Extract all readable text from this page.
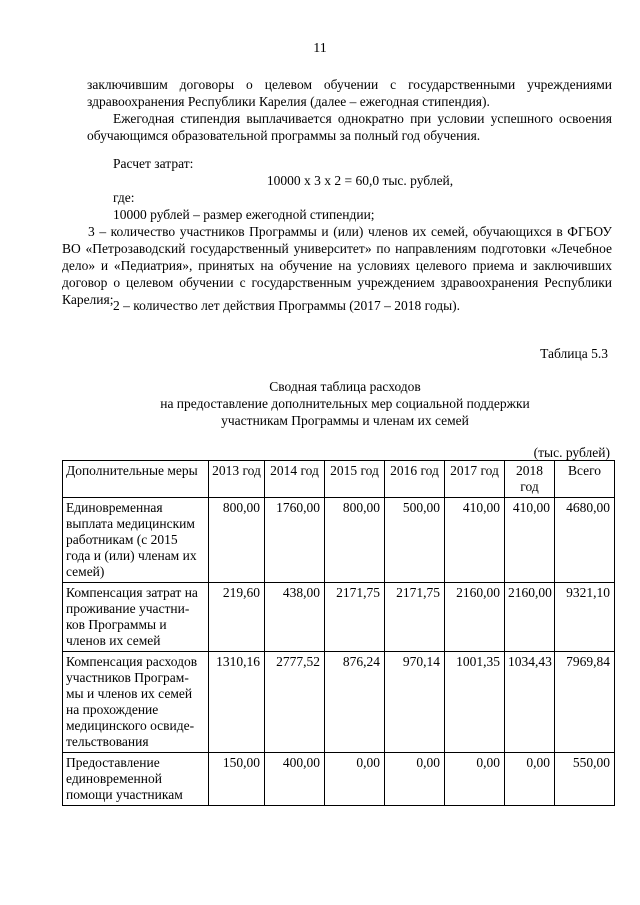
11
заключившим договоры о целевом обучении с государственными учреждениями здравоохранения Республики Карелия (далее – ежегодная стипендия).
Ежегодная стипендия выплачивается однократно при условии успешного освоения обучающимся образовательной программы за полный год обучения.
Расчет затрат:
10000 х 3 х 2 = 60,0 тыс. рублей,
где:
10000 рублей – размер ежегодной стипендии;
3 – количество участников Программы и (или) членов их семей, обучающихся в ФГБОУ ВО «Петрозаводский государственный университет» по направлениям подготовки «Лечебное дело» и «Педиатрия», принятых на обучение на условиях целевого приема и заключивших договор о целевом обучении с государственным учреждением здравоохранения Республики Карелия; 2 – количество лет действия Программы (2017 – 2018 годы).
Таблица 5.3
Сводная таблица расходов
на предоставление дополнительных мер социальной поддержки
участникам Программы и членам их семей
(тыс. рублей)
Дополнительные меры	2013 год	2014 год	2015 год	2016 год	2017 год	2018 год	Всего
Единовременная выплата медицинским работникам (с 2015 года и (или) членам их семей)	800,00	1760,00	800,00	500,00	410,00	410,00	4680,00
Компенсация затрат на проживание участни-ков Программы и членов их семей	219,60	438,00	2171,75	2171,75	2160,00	2160,00	9321,10
Компенсация расходов участников Програм-мы и членов их семей на прохождение медицинского освиде-тельствования	1310,16	2777,52	876,24	970,14	1001,35	1034,43	7969,84
Предоставление единовременной помощи участникам	150,00	400,00	0,00	0,00	0,00	0,00	550,00
